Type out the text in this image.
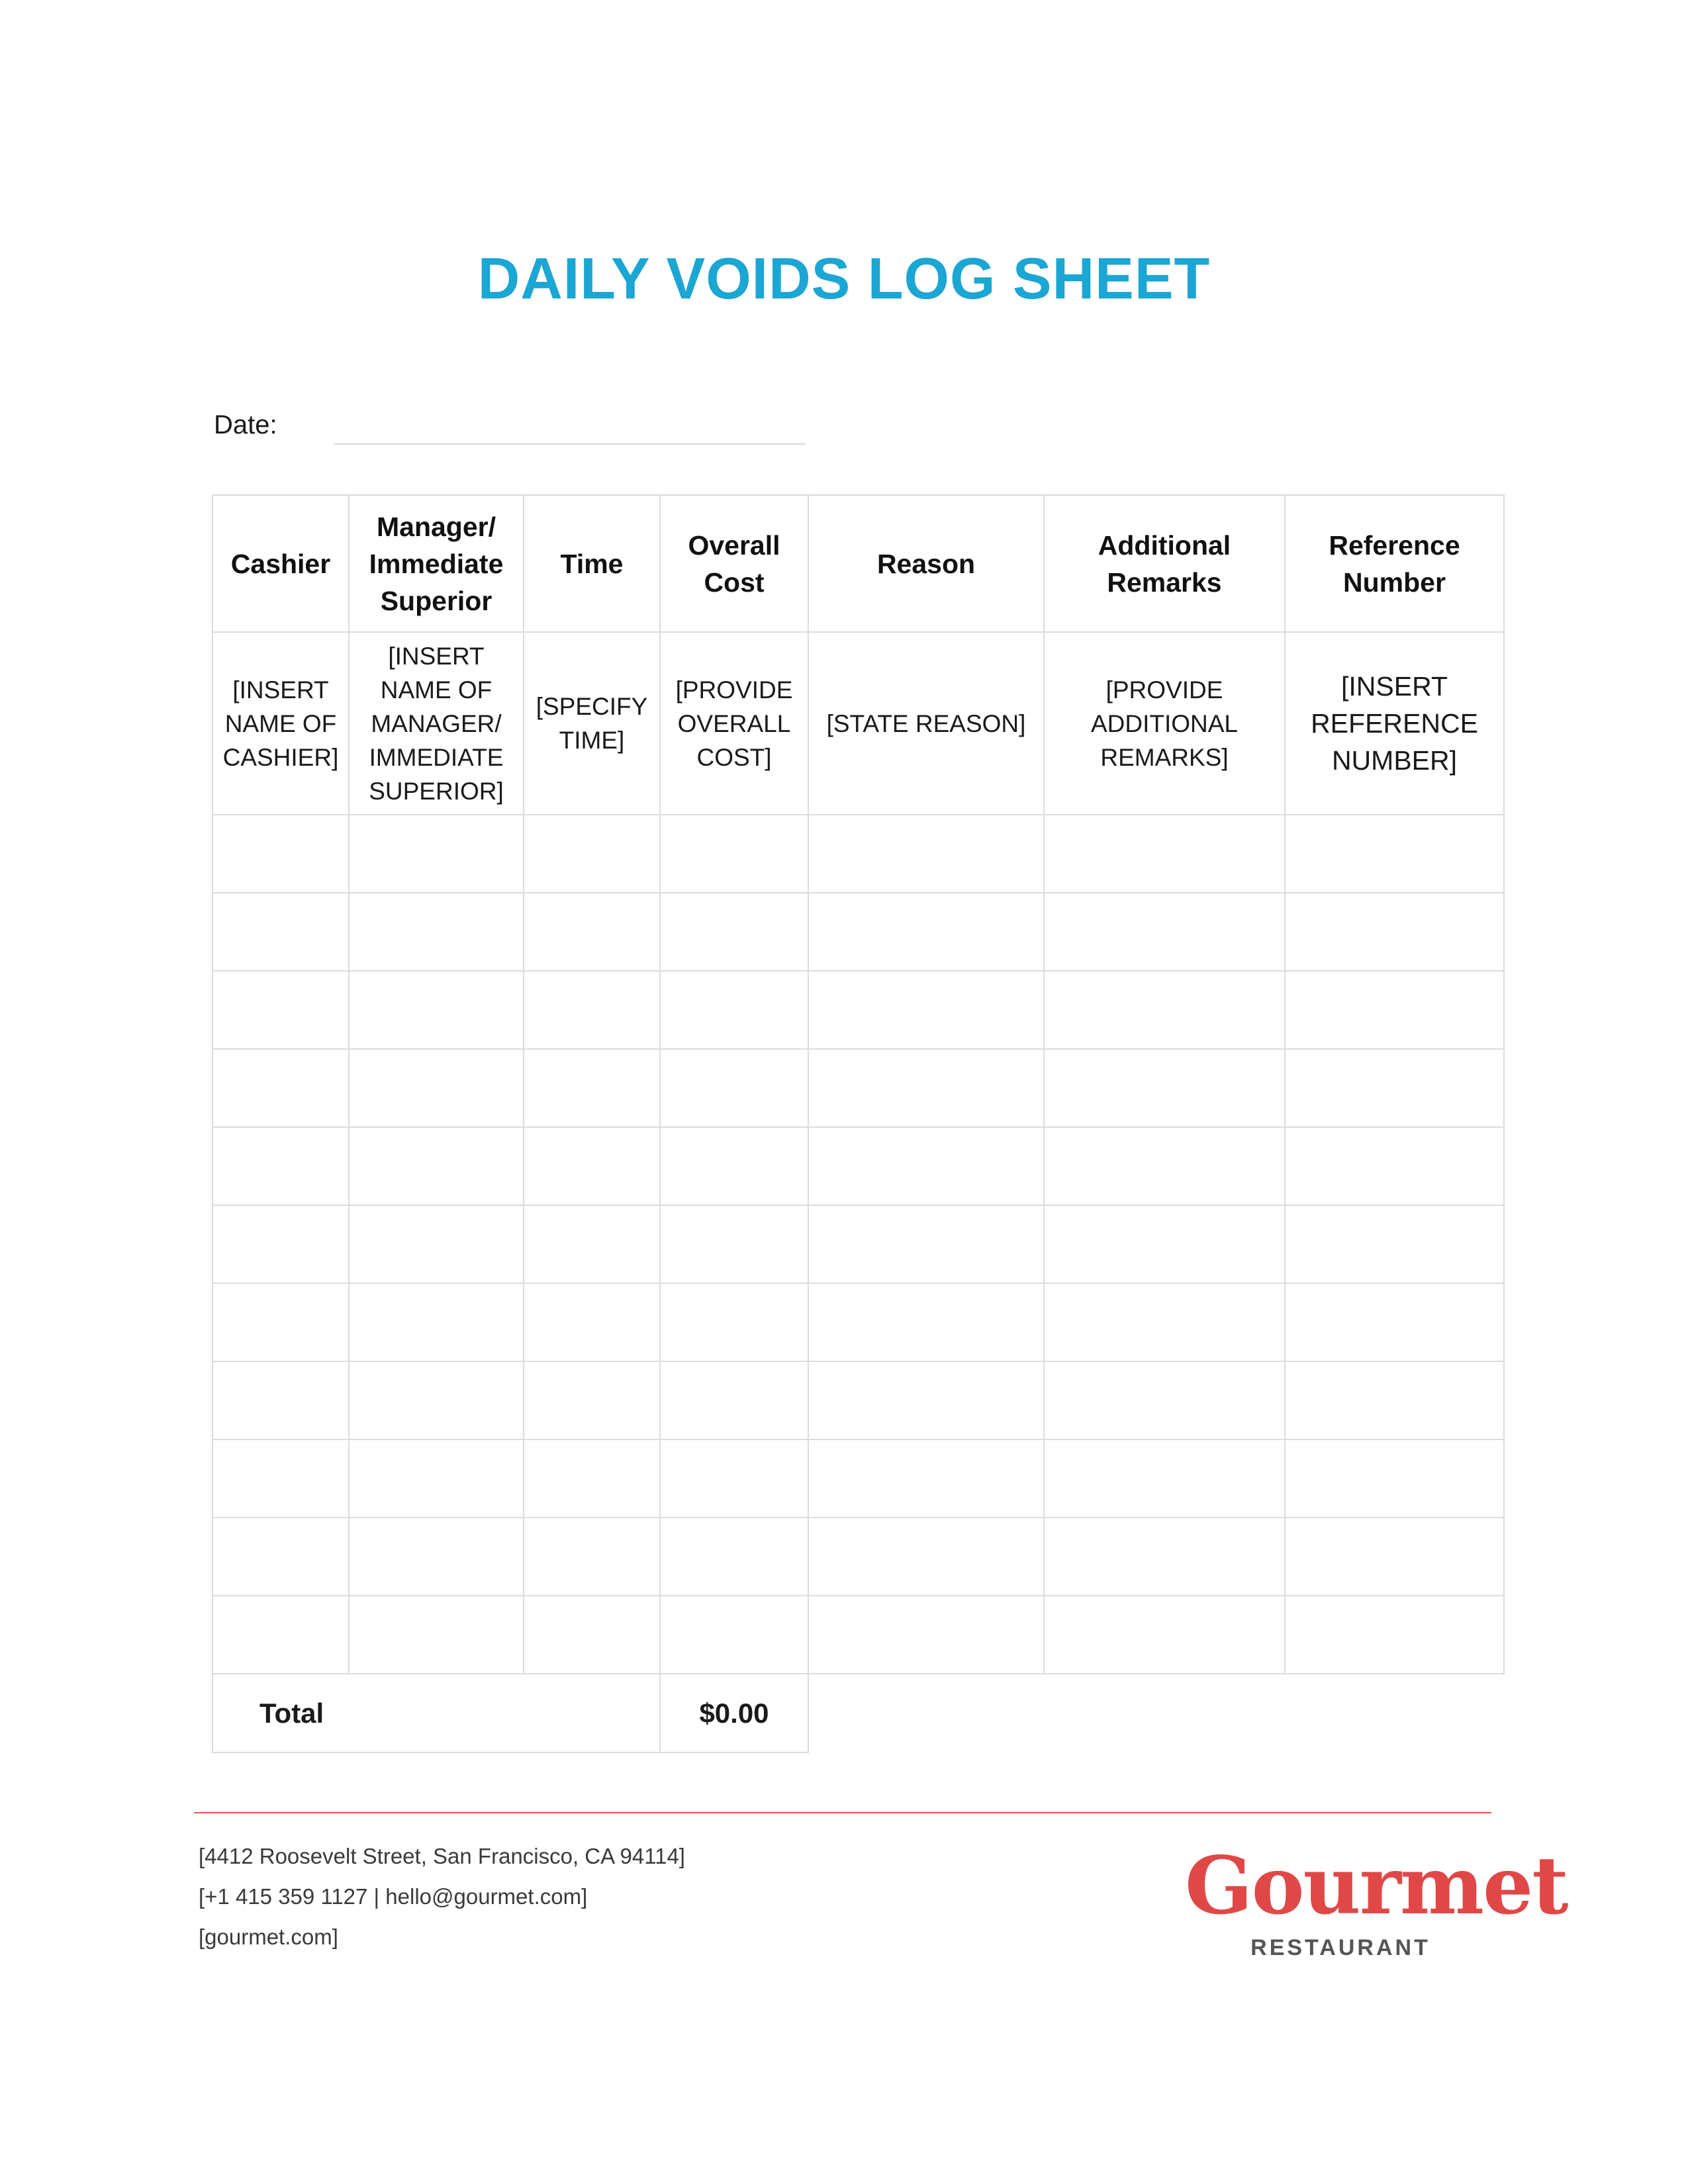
DAILY VOIDS LOG SHEET
Date:
Cashier	Manager/ Immediate Superior	Time	Overall Cost	Reason	Additional Remarks	Reference Number
[INSERT NAME OF CASHIER]	[INSERT NAME OF MANAGER/ IMMEDIATE SUPERIOR]	[SPECIFY TIME]	[PROVIDE OVERALL COST]	[STATE REASON]	[PROVIDE ADDITIONAL REMARKS]	[INSERT REFERENCE NUMBER]

Total			$0.00			
[4412 Roosevelt Street, San Francisco, CA 94114]
[+1 415 359 1127 | hello@gourmet.com]
[gourmet.com]
Gourmet
RESTAURANT
